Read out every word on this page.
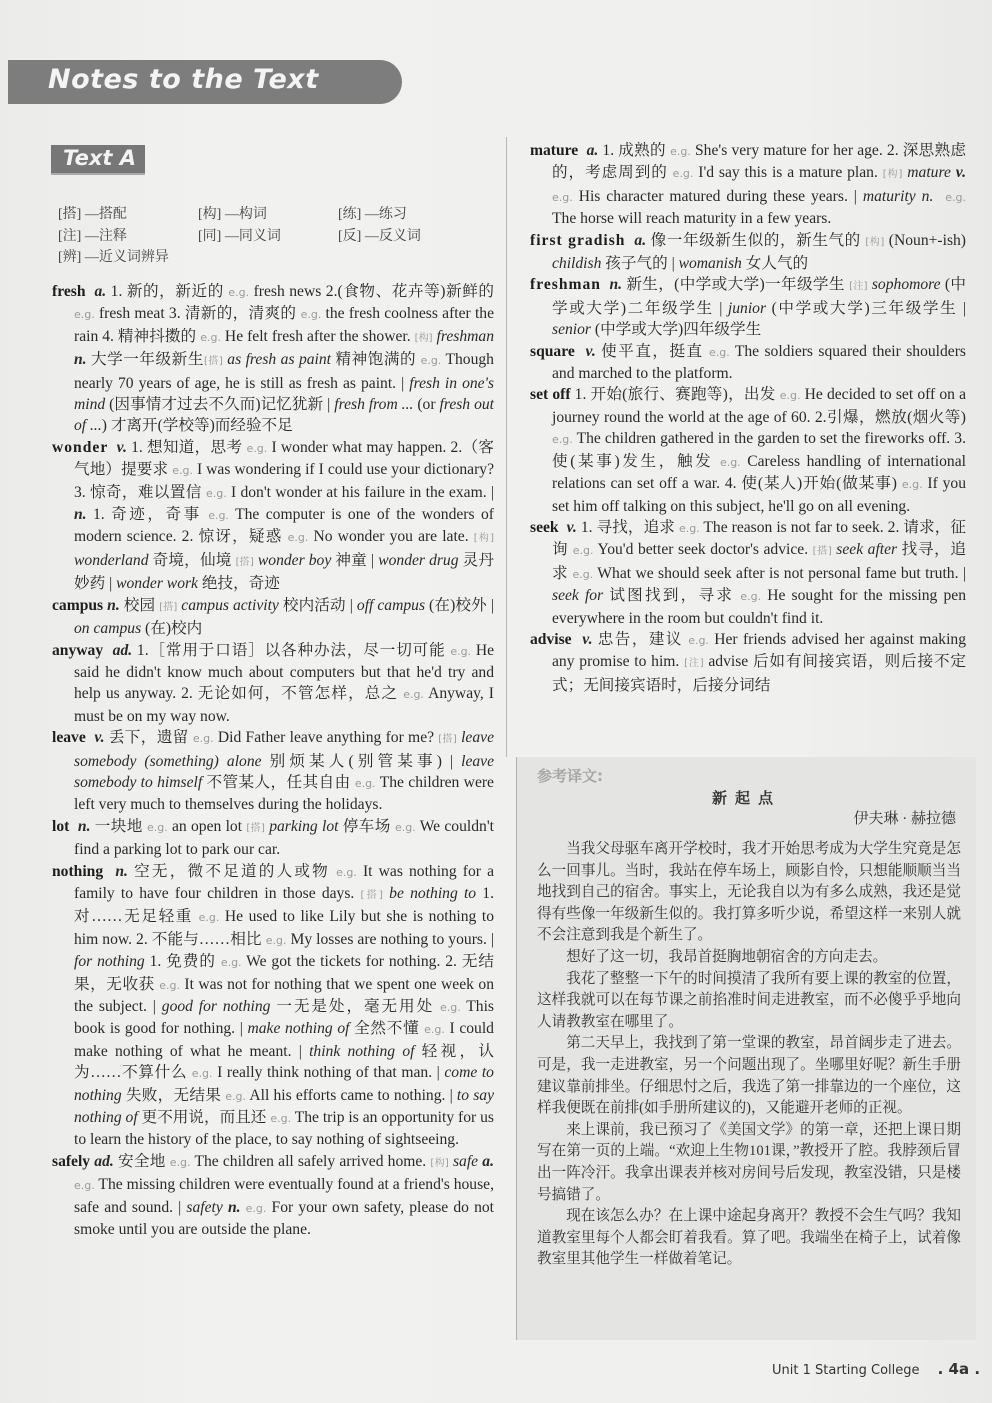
Notes to the Text
Text A
[搭] —搭配	[构] —构词	[练] —练习
[注] —注释	[同] —同义词	[反] —反义词
[辨] —近义词辨异

fresh a. 1. 新的，新近的 e.g. fresh news 2.(食物、花卉等)新鲜的 e.g. fresh meat 3. 清新的，清爽的 e.g. the fresh coolness after the rain 4. 精神抖擞的 e.g. He felt fresh after the shower. [构] freshman n. 大学一年级新生[搭] as fresh as paint 精神饱满的 e.g. Though nearly 70 years of age, he is still as fresh as paint. | fresh in one's mind (因事情才过去不久而)记忆犹新 | fresh from ... (or fresh out of ...) 才离开(学校等)而经验不足

wonder v. 1. 想知道，思考 e.g. I wonder what may happen. 2.（客气地）提要求 e.g. I was wondering if I could use your dictionary? 3. 惊奇，难以置信 e.g. I don't wonder at his failure in the exam. | n. 1. 奇迹，奇事 e.g. The computer is one of the wonders of modern science. 2. 惊讶，疑惑 e.g. No wonder you are late. [构] wonderland 奇境，仙境 [搭] wonder boy 神童 | wonder drug 灵丹妙药 | wonder work 绝技，奇迹

campus n. 校园 [搭] campus activity 校内活动 | off campus (在)校外 | on campus (在)校内

anyway ad. 1.［常用于口语］以各种办法，尽一切可能 e.g. He said he didn't know much about computers but that he'd try and help us anyway. 2. 无论如何，不管怎样，总之 e.g. Anyway, I must be on my way now.

leave v. 丢下，遗留 e.g. Did Father leave anything for me? [搭] leave somebody (something) alone 别烦某人(别管某事) | leave somebody to himself 不管某人，任其自由 e.g. The children were left very much to themselves during the holidays.

lot n. 一块地 e.g. an open lot [搭] parking lot 停车场 e.g. We couldn't find a parking lot to park our car.

nothing n. 空无，微不足道的人或物 e.g. It was nothing for a family to have four children in those days. [搭] be nothing to 1. 对……无足轻重 e.g. He used to like Lily but she is nothing to him now. 2. 不能与……相比 e.g. My losses are nothing to yours. | for nothing 1. 免费的 e.g. We got the tickets for nothing. 2. 无结果，无收获 e.g. It was not for nothing that we spent one week on the subject. | good for nothing 一无是处，毫无用处 e.g. This book is good for nothing. | make nothing of 全然不懂 e.g. I could make nothing of what he meant. | think nothing of 轻视，认为……不算什么 e.g. I really think nothing of that man. | come to nothing 失败，无结果 e.g. All his efforts came to nothing. | to say nothing of 更不用说，而且还 e.g. The trip is an opportunity for us to learn the history of the place, to say nothing of sightseeing.

safely ad. 安全地 e.g. The children all safely arrived home. [构] safe a. e.g. The missing children were eventually found at a friend's house, safe and sound. | safety n. e.g. For your own safety, please do not smoke until you are outside the plane.

mature a. 1. 成熟的 e.g. She's very mature for her age. 2. 深思熟虑的，考虑周到的 e.g. I'd say this is a mature plan. [构] mature v. e.g. His character matured during these years. | maturity n. e.g. The horse will reach maturity in a few years.

first gradish a. 像一年级新生似的，新生气的 [构] (Noun+-ish) childish 孩子气的 | womanish 女人气的

freshman n. 新生，(中学或大学)一年级学生 [注] sophomore (中学或大学)二年级学生 | junior (中学或大学)三年级学生 | senior (中学或大学)四年级学生

square v. 使平直，挺直 e.g. The soldiers squared their shoulders and marched to the platform.

set off 1. 开始(旅行、赛跑等)，出发 e.g. He decided to set off on a journey round the world at the age of 60. 2.引爆，燃放(烟火等) e.g. The children gathered in the garden to set the fireworks off. 3. 使(某事)发生，触发 e.g. Careless handling of international relations can set off a war. 4. 使(某人)开始(做某事) e.g. If you set him off talking on this subject, he'll go on all evening.

seek v. 1. 寻找，追求 e.g. The reason is not far to seek. 2. 请求，征询 e.g. You'd better seek doctor's advice. [搭] seek after 找寻，追求 e.g. What we should seek after is not personal fame but truth. | seek for 试图找到，寻求 e.g. He sought for the missing pen everywhere in the room but couldn't find it.

advise v. 忠告，建议 e.g. Her friends advised her against making any promise to him. [注] advise 后如有间接宾语，则后接不定式；无间接宾语时，后接分词结

参考译文:
新起点
伊夫琳 · 赫拉德

当我父母驱车离开学校时，我才开始思考成为大学生究竟是怎么一回事儿。当时，我站在停车场上，顾影自怜，只想能顺顺当当地找到自己的宿舍。事实上，无论我自以为有多么成熟，我还是觉得有些像一年级新生似的。我打算多听少说，希望这样一来别人就不会注意到我是个新生了。

想好了这一切，我昂首挺胸地朝宿舍的方向走去。

我花了整整一下午的时间摸清了我所有要上课的教室的位置，这样我就可以在每节课之前掐准时间走进教室，而不必傻乎乎地向人请教教室在哪里了。

第二天早上，我找到了第一堂课的教室，昂首阔步走了进去。可是，我一走进教室，另一个问题出现了。坐哪里好呢？新生手册建议靠前排坐。仔细思忖之后，我选了第一排靠边的一个座位，这样我便既在前排(如手册所建议的)，又能避开老师的正视。

来上课前，我已预习了《美国文学》的第一章，还把上课日期写在第一页的上端。“欢迎上生物101课，”教授开了腔。我脖颈后冒出一阵冷汗。我拿出课表并核对房间号后发现，教室没错，只是楼号搞错了。

现在该怎么办？在上课中途起身离开？教授不会生气吗？我知道教室里每个人都会盯着我看。算了吧。我端坐在椅子上，试着像教室里其他学生一样做着笔记。

Unit 1 Starting College . 4a .
